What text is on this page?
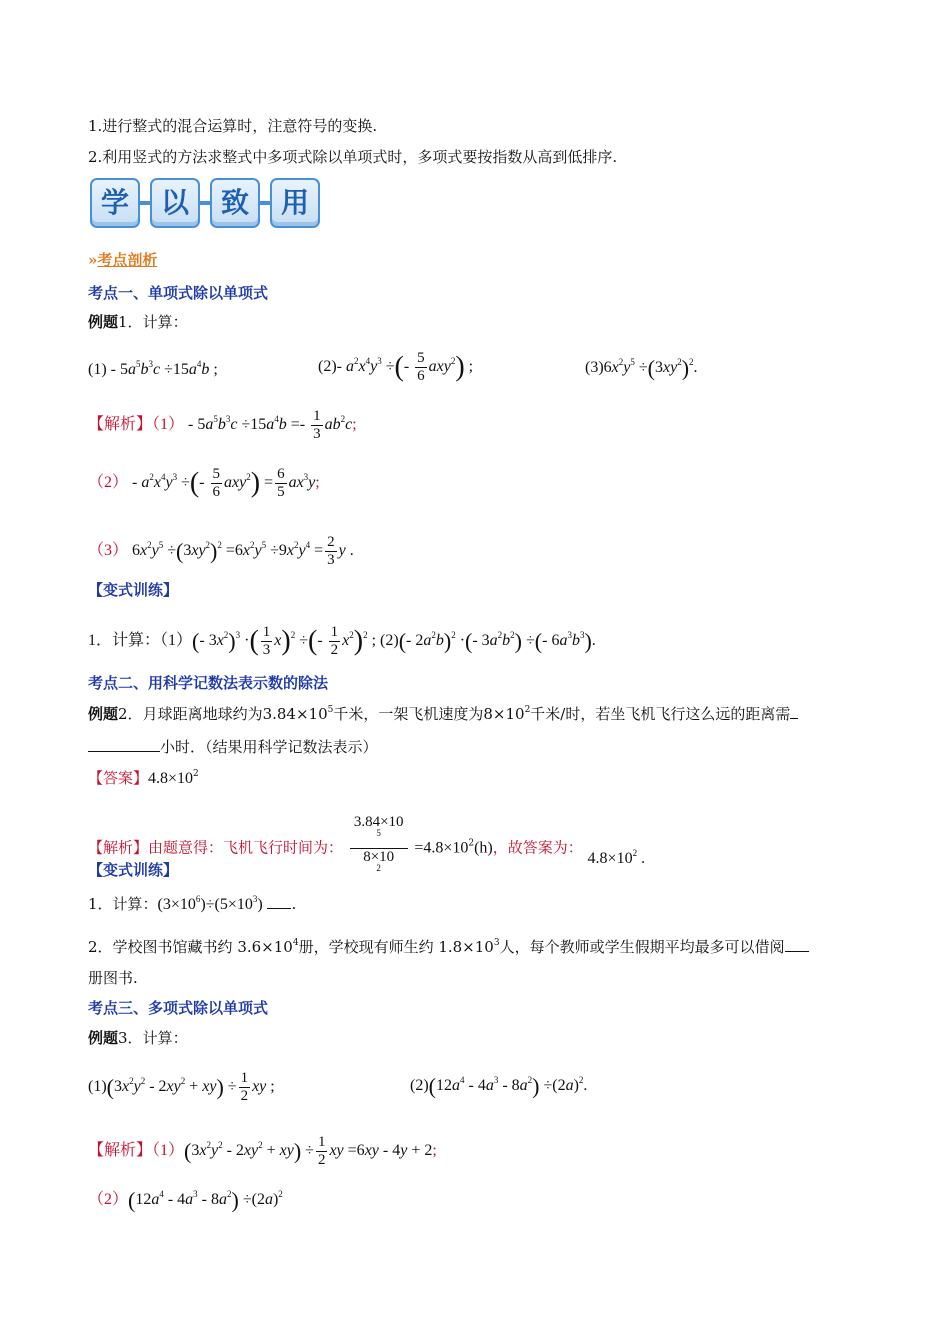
1.进行整式的混合运算时，注意符号的变换.
2.利用竖式的方法求整式中多项式除以单项式时，多项式要按指数从高到低排序.
学	以	致	用
»考点剖析
考点一、单项式除以单项式
例题1．计算：
$(1) - 5a^5b^3c \div 15a^4b$ ;	(2)- $a^2x^4y^3$ ÷(- $\frac{5}{6} axy^2$) ;	$(3)6x^2y^5 \div(3xy^2)^2$.
【解析】$(1) - 5a^5b^3c \div 15a^4b =- \frac{1}{3} ab^2c$;
$(2) - a^2x^4y^3$ ÷(- $\frac{5}{6} axy^2) = \frac{6}{5} ax^3y$;
（3） $6x^2y^5 \div(3xy^2)^2 =6x^2y^5 \div 9x^2y^4 = \frac{2}{3}$ y .
【变式训练】
1．计算：（1）(- $3x^2)^3$ ·( $\frac{1}{3} x)^2$ ÷(- $\frac{1}{2} x^2)^2$ ; (2)(- $2a^2b)^2$ ·(- $3a^2b^2$) ÷(- $6a^3b^3$).
考点二、用科学记数法表示数的除法
例题2．月球距离地球约为$3.84\times 10^5$千米，一架飞机速度为$8\times 10^2$千米/时，若坐飞机飞行这么远的距离需
小时．（结果用科学记数法表示）
【答案】$4.8\times 10^2$
【解析】由题意得：飞机飞行时间为： 3.84×10
$^5$
8×10
$^2 =4.8\times 10^2(h)$，故答案为： $4.8\times 10^2$ .
【变式训练】
1．计算：$(3\times 10^6)\div(5\times 10^3)$ .
2．学校图书馆藏书约 $3.6\times 10^4$册，学校现有师生约 $1.8\times 10^3$人，每个教师或学生假期平均最多可以借阅
册图书.
考点三、多项式除以单项式
例题3．计算：
$(1)(3x^2y^2 - 2xy^2 + xy) \div \frac{1}{2}$ xy ;	$(2)(12a^4 - 4a^3 - 8a^2) \div(2a)^2$.
【解析】$(1)(3x^2y^2 - 2xy^2 + xy) \div \frac{1}{2}$ xy =6xy - 4y + 2;
$(2)(12a^4 - 4a^3 - 8a^2) \div(2a)^2$
